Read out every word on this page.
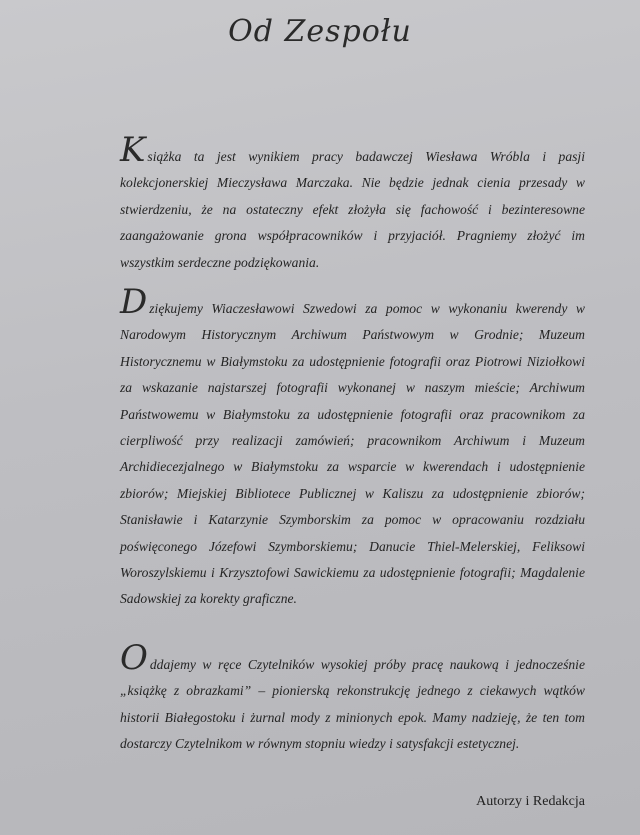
Od Zespołu
Książka ta jest wynikiem pracy badawczej Wiesława Wróbla i pasji kolekcjonerskiej Mieczysława Marczaka. Nie będzie jednak cienia przesady w stwierdzeniu, że na ostateczny efekt złożyła się fachowość i bezinteresowne zaangażowanie grona współpracowników i przyjaciół. Pragniemy złożyć im wszystkim serdeczne podziękowania.
Dziękujemy Wiaczesławowi Szwedowi za pomoc w wykonaniu kwerendy w Narodowym Historycznym Archiwum Państwowym w Grodnie; Muzeum Historycznemu w Białymstoku za udostępnienie fotografii oraz Piotrowi Niziołkowi za wskazanie najstarszej fotografii wykonanej w naszym mieście; Archiwum Państwowemu w Białymstoku za udostępnienie fotografii oraz pracownikom za cierpliwość przy realizacji zamówień; pracownikom Archiwum i Muzeum Archidiecezjalnego w Białymstoku za wsparcie w kwerendach i udostępnienie zbiorów; Miejskiej Bibliotece Publicznej w Kaliszu za udostępnienie zbiorów; Stanisławie i Katarzynie Szymborskim za pomoc w opracowaniu rozdziału poświęconego Józefowi Szymborskiemu; Danucie Thiel-Melerskiej, Feliksowi Woroszylskiemu i Krzysztofowi Sawickiemu za udostępnienie fotografii; Magdalenie Sadowskiej za korekty graficzne.
Oddajemy w ręce Czytelników wysokiej próby pracę naukową i jednocześnie „książkę z obrazkami” – pionierską rekonstrukcję jednego z ciekawych wątków historii Białegostoku i żurnal mody z minionych epok. Mamy nadzieję, że ten tom dostarczy Czytelnikom w równym stopniu wiedzy i satysfakcji estetycznej.
Autorzy i Redakcja
